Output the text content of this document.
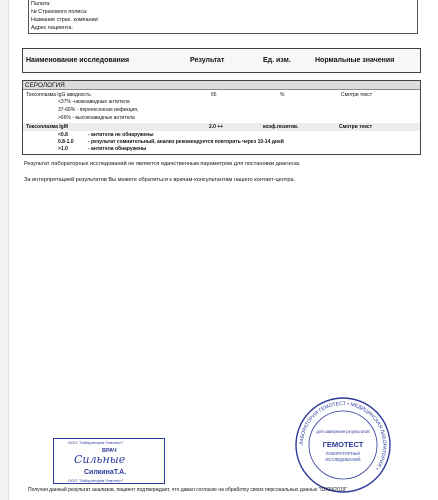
Палата:
№ Страхового полиса:
Название страх. компании:
Адрес пациента:
Наименование исследования	Результат	Ед. изм.	Нормальные значения
СЕРОЛОГИЯ
Токсоплазма IgG авидность	65	%	Смотри текст
<37% -низкоавидные антитела
37-66% - перенесенная инфекция,
>66% - высокоавидные антитела
Токсоплазма IgM	2.0 ++	коэф.позитив.	Смотри текст
<0.8	- антитела не обнаружены
0.8-1.0	- результат сомнительный, анализ рекомендуется повторить через 10-14 дней
>1.0	- антитела обнаружены
Результат лабораторных исследований не является единственным параметром для постановки диагноза.
За интерпретацией результатов Вы можете обратиться к врачам-консультантам нашего контакт-центра.
ООО "Лаборатория Гемотест"
ВРАЧ
Сильные
СилкинаТ.А.
ООО "Лаборатория Гемотест"
ЛАБОРАТОРИЯ ГЕМОТЕСТ • МЕДИЦИНСКАЯ ЛАБОРАТОРИЯ •
для заверения результатов
ГЕМОТЕСТ
ЛАБОРАТОРНЫХ
ИССЛЕДОВАНИЙ
Получая данный результат анализов, пациент подтверждает, что давал согласие на обработку своих персональных данных "02/09/2019"
